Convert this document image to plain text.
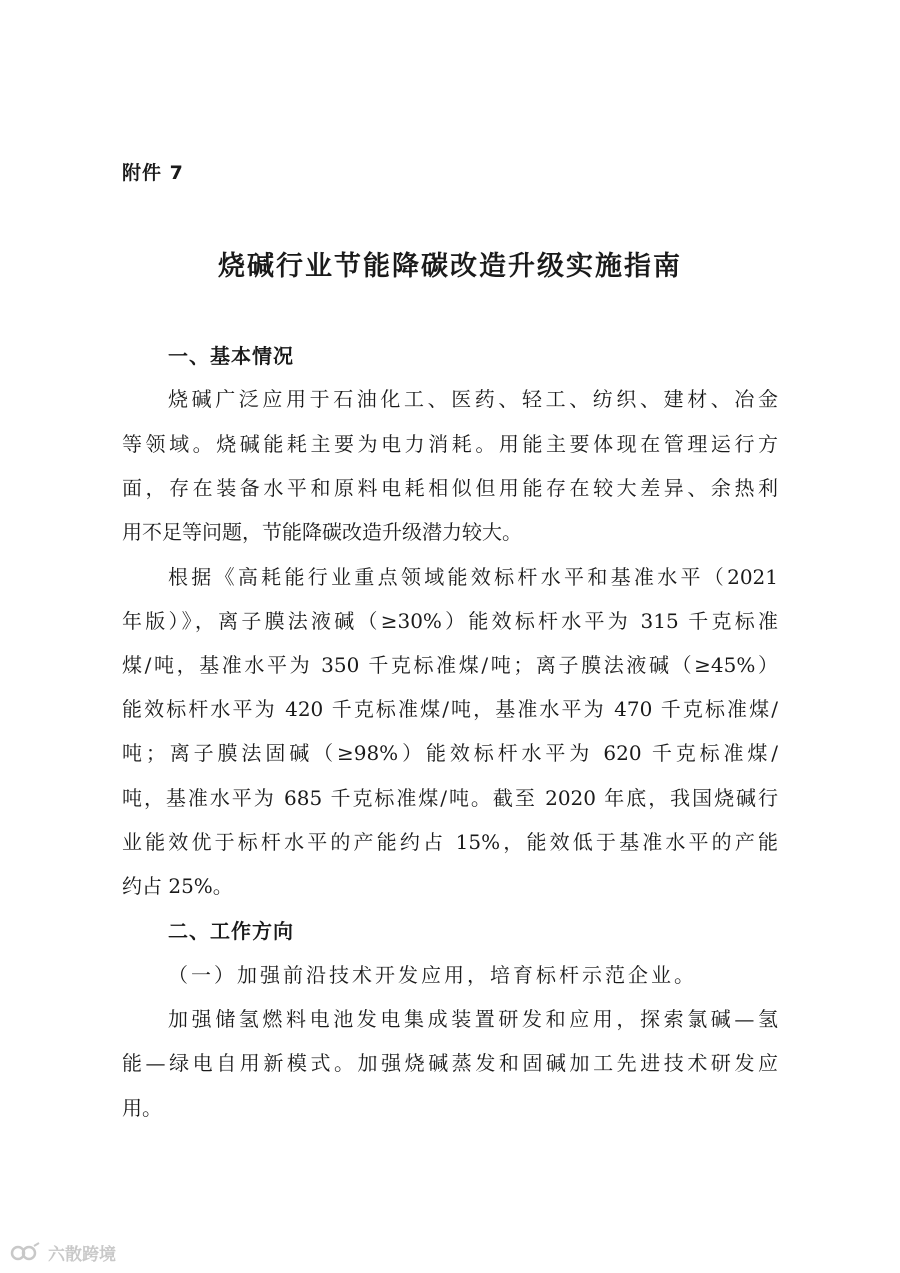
附件 7
烧碱行业节能降碳改造升级实施指南
一、基本情况
烧碱广泛应用于石油化工、医药、轻工、纺织、建材、冶金
等领域。烧碱能耗主要为电力消耗。用能主要体现在管理运行方
面，存在装备水平和原料电耗相似但用能存在较大差异、余热利
用不足等问题，节能降碳改造升级潜力较大。
根据《高耗能行业重点领域能效标杆水平和基准水平（2021
年版）》，离子膜法液碱（≥30%）能效标杆水平为 315 千克标准
煤/吨，基准水平为 350 千克标准煤/吨；离子膜法液碱（≥45%）
能效标杆水平为 420 千克标准煤/吨，基准水平为 470 千克标准煤/
吨；离子膜法固碱（≥98%）能效标杆水平为 620 千克标准煤/
吨，基准水平为 685 千克标准煤/吨。截至 2020 年底，我国烧碱行
业能效优于标杆水平的产能约占 15%，能效低于基准水平的产能
约占 25%。
二、工作方向
（一）加强前沿技术开发应用，培育标杆示范企业。
加强储氢燃料电池发电集成装置研发和应用，探索氯碱—氢
能—绿电自用新模式。加强烧碱蒸发和固碱加工先进技术研发应
用。
六散跨境
